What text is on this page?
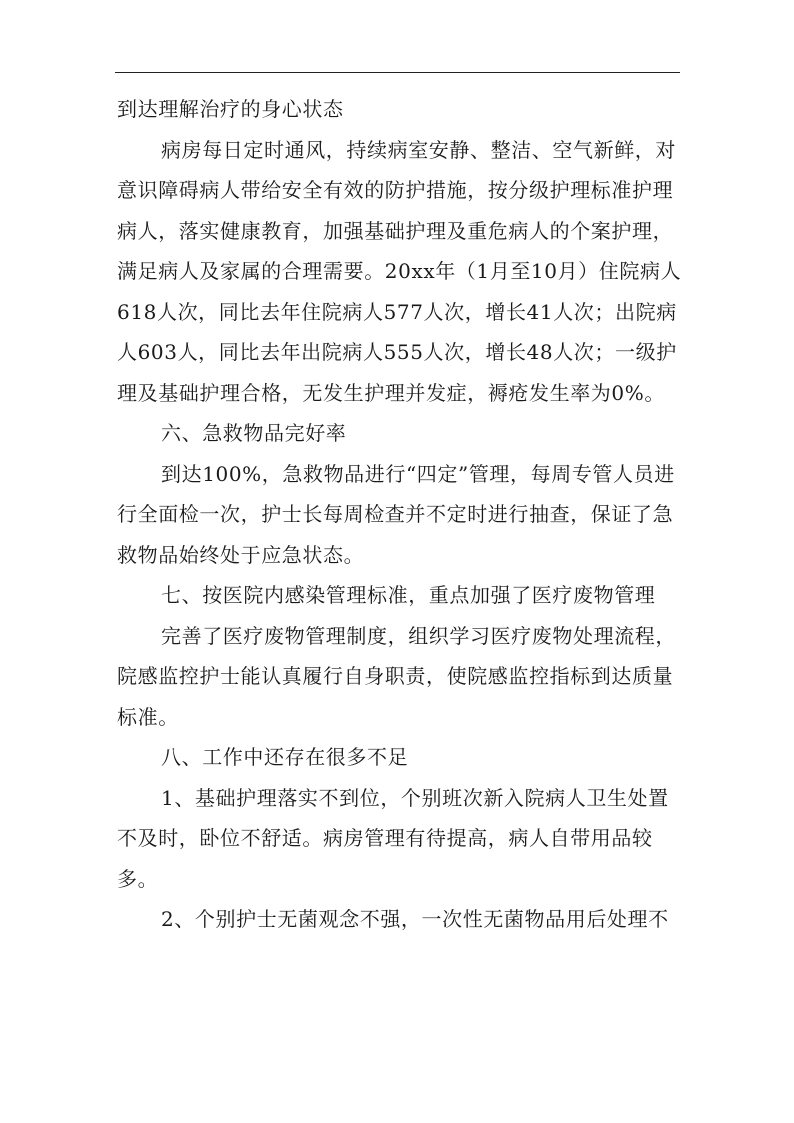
到达理解治疗的身心状态

病房每日定时通风，持续病室安静、整洁、空气新鲜，对意识障碍病人带给安全有效的防护措施，按分级护理标准护理病人，落实健康教育，加强基础护理及重危病人的个案护理，满足病人及家属的合理需要。20xx年（1月至10月）住院病人618人次，同比去年住院病人577人次，增长41人次；出院病人603人，同比去年出院病人555人次，增长48人次；一级护理及基础护理合格，无发生护理并发症，褥疮发生率为0%。

六、急救物品完好率

到达100%，急救物品进行“四定”管理，每周专管人员进行全面检一次，护士长每周检查并不定时进行抽查，保证了急救物品始终处于应急状态。

七、按医院内感染管理标准，重点加强了医疗废物管理

完善了医疗废物管理制度，组织学习医疗废物处理流程，院感监控护士能认真履行自身职责，使院感监控指标到达质量标准。

八、工作中还存在很多不足

1、基础护理落实不到位，个别班次新入院病人卫生处置不及时，卧位不舒适。病房管理有待提高，病人自带用品较多。

2、个别护士无菌观念不强，一次性无菌物品用后处理不
